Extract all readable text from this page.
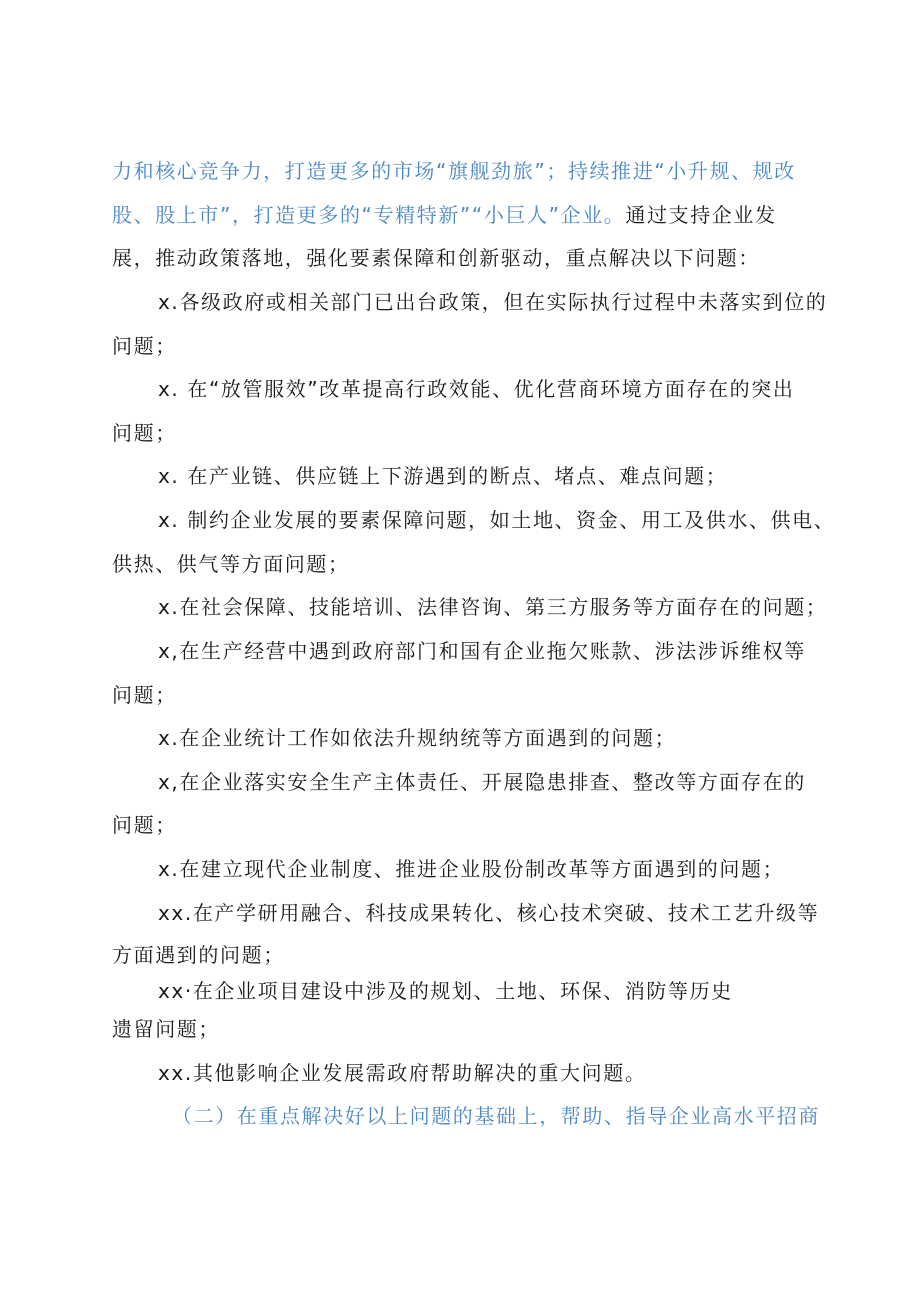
力和核心竞争力，打造更多的市场“旗舰劲旅”；持续推进“小升规、规改
股、股上市”，打造更多的“专精特新”“小巨人”企业。通过支持企业发
展，推动政策落地，强化要素保障和创新驱动，重点解决以下问题：
x.各级政府或相关部门已出台政策，但在实际执行过程中未落实到位的
问题；
x. 在“放管服效”改革提高行政效能、优化营商环境方面存在的突出
问题；
x. 在产业链、供应链上下游遇到的断点、堵点、难点问题；
x. 制约企业发展的要素保障问题，如土地、资金、用工及供水、供电、
供热、供气等方面问题；
x.在社会保障、技能培训、法律咨询、第三方服务等方面存在的问题；
x,在生产经营中遇到政府部门和国有企业拖欠账款、涉法涉诉维权等
问题；
x.在企业统计工作如依法升规纳统等方面遇到的问题；
x,在企业落实安全生产主体责任、开展隐患排查、整改等方面存在的
问题；
x.在建立现代企业制度、推进企业股份制改革等方面遇到的问题；
xx.在产学研用融合、科技成果转化、核心技术突破、技术工艺升级等
方面遇到的问题；
xx·在企业项目建设中涉及的规划、土地、环保、消防等历史
遗留问题；
xx.其他影响企业发展需政府帮助解决的重大问题。
（二）在重点解决好以上问题的基础上，帮助、指导企业高水平招商
